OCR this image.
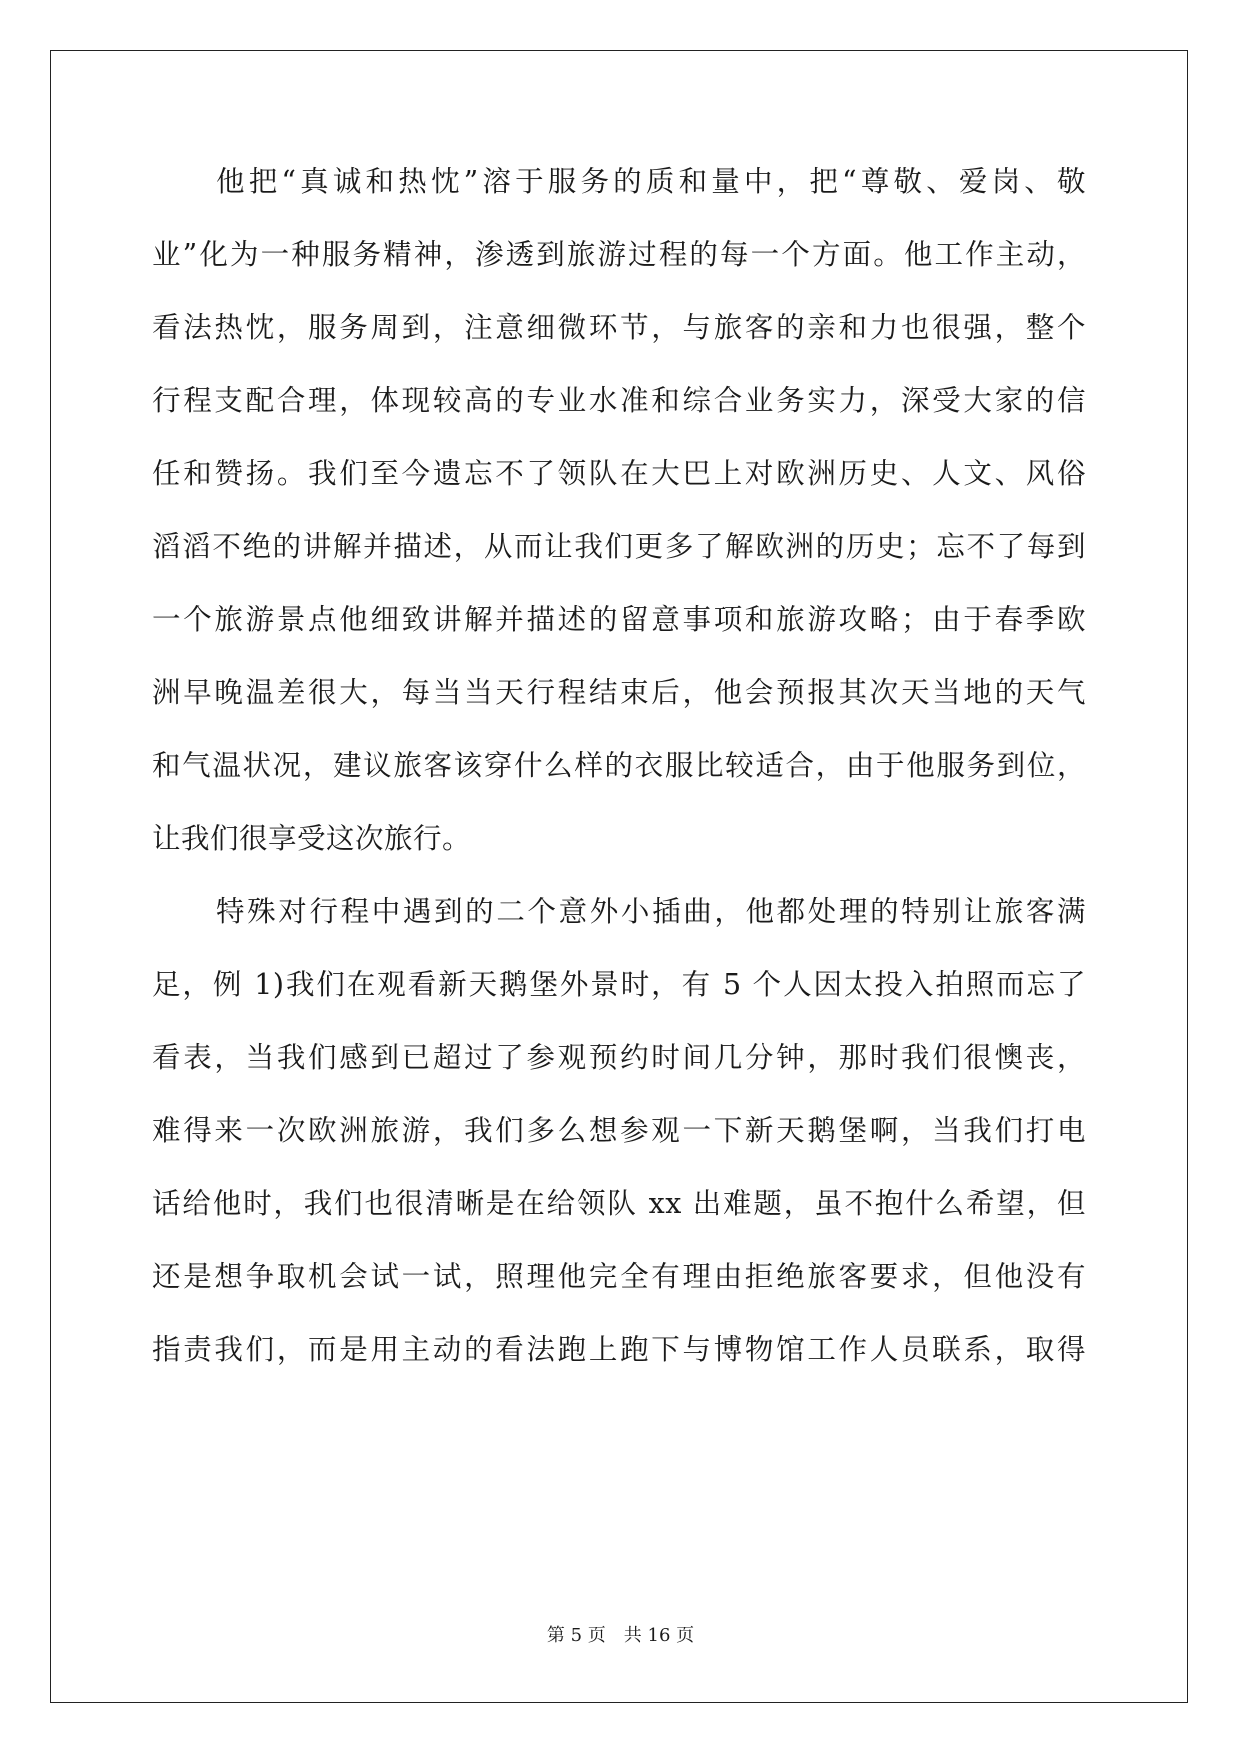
他把“真诚和热忱”溶于服务的质和量中，把“尊敬、爱岗、敬
业”化为一种服务精神，渗透到旅游过程的每一个方面。他工作主动，
看法热忱，服务周到，注意细微环节，与旅客的亲和力也很强，整个
行程支配合理，体现较高的专业水准和综合业务实力，深受大家的信
任和赞扬。我们至今遗忘不了领队在大巴上对欧洲历史、人文、风俗
滔滔不绝的讲解并描述，从而让我们更多了解欧洲的历史；忘不了每到
一个旅游景点他细致讲解并描述的留意事项和旅游攻略；由于春季欧
洲早晚温差很大，每当当天行程结束后，他会预报其次天当地的天气
和气温状况，建议旅客该穿什么样的衣服比较适合，由于他服务到位，
让我们很享受这次旅行。
特殊对行程中遇到的二个意外小插曲，他都处理的特别让旅客满
足，例 1)我们在观看新天鹅堡外景时，有 5 个人因太投入拍照而忘了
看表，当我们感到已超过了参观预约时间几分钟，那时我们很懊丧，
难得来一次欧洲旅游，我们多么想参观一下新天鹅堡啊，当我们打电
话给他时，我们也很清晰是在给领队 xx 出难题，虽不抱什么希望，但
还是想争取机会试一试，照理他完全有理由拒绝旅客要求，但他没有
指责我们，而是用主动的看法跑上跑下与博物馆工作人员联系，取得
第 5 页 共 16 页
